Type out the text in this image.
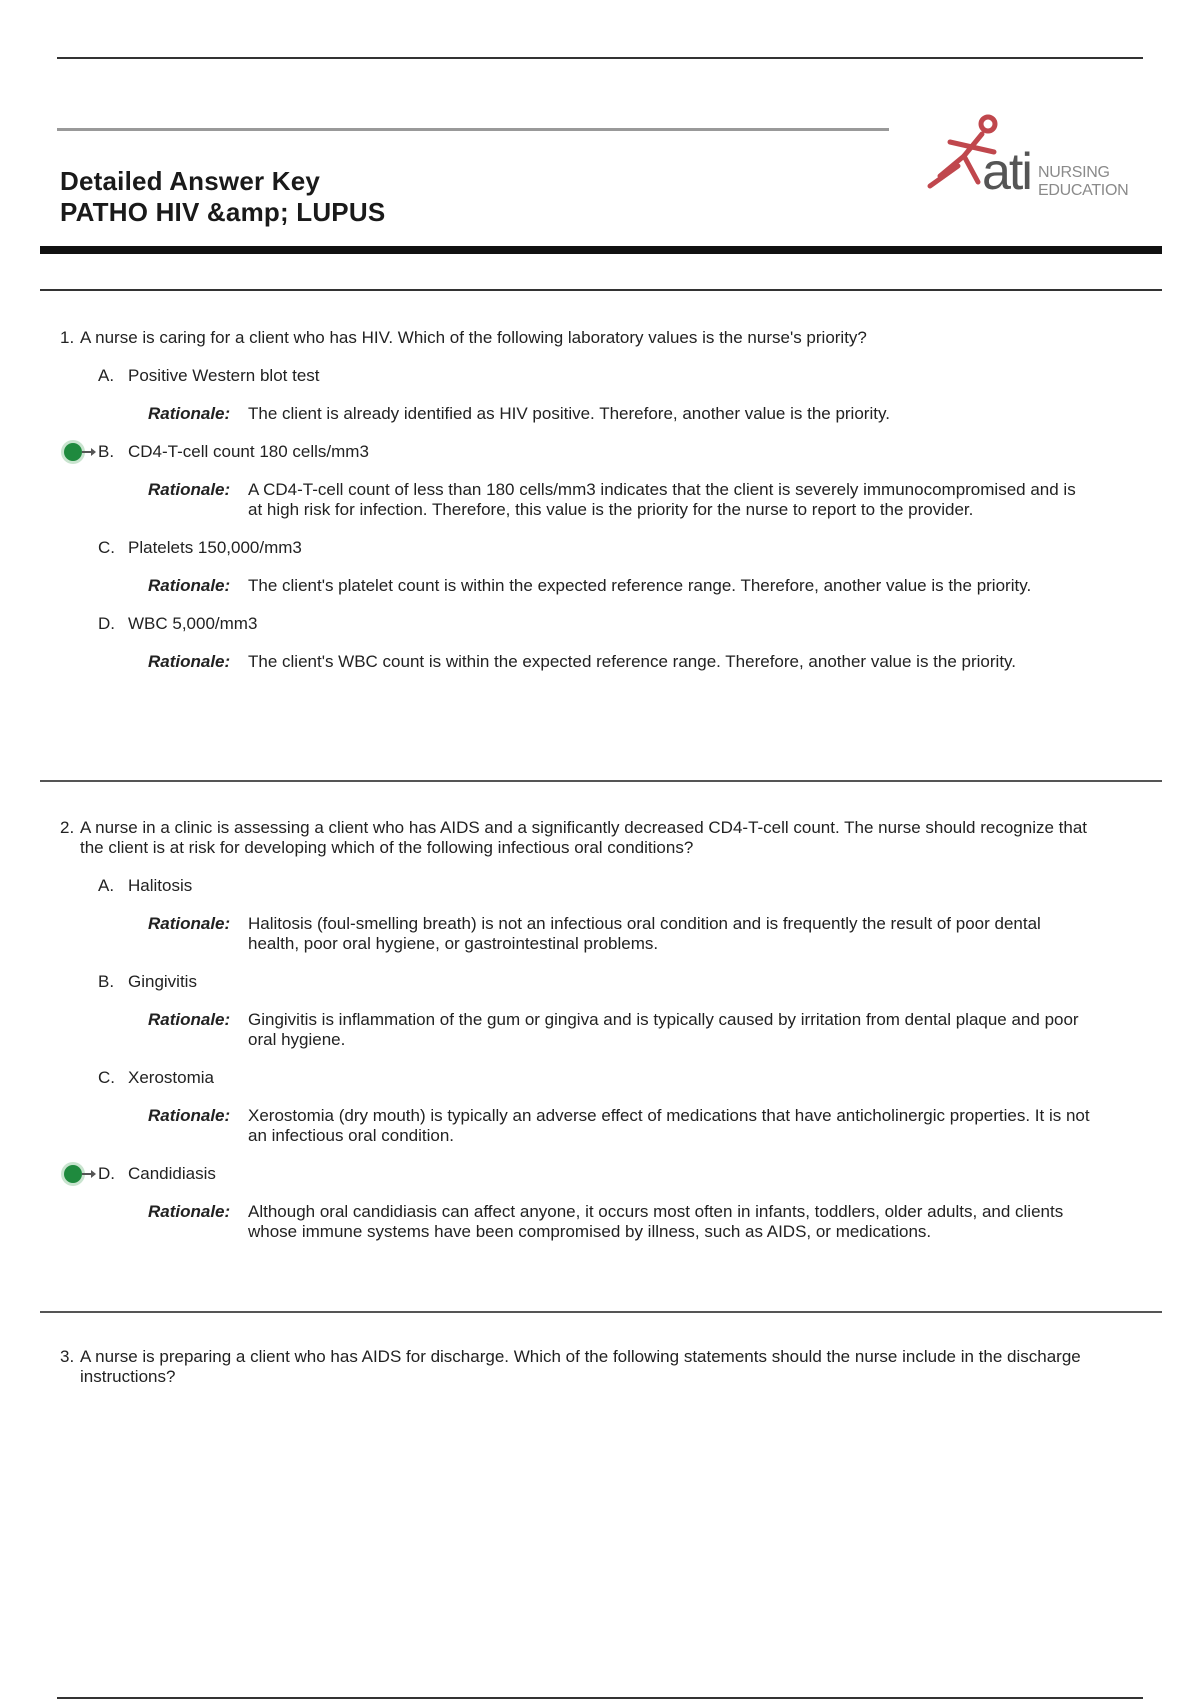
Detailed Answer Key
PATHO HIV &amp; LUPUS
ati NURSING
EDUCATION
1. A nurse is caring for a client who has HIV. Which of the following laboratory values is the nurse's priority?
A. Positive Western blot test
Rationale:	The client is already identified as HIV positive. Therefore, another value is the priority.
B. CD4-T-cell count 180 cells/mm3
Rationale:	A CD4-T-cell count of less than 180 cells/mm3 indicates that the client is severely immunocompromised and is at high risk for infection. Therefore, this value is the priority for the nurse to report to the provider.
C. Platelets 150,000/mm3
Rationale:	The client's platelet count is within the expected reference range. Therefore, another value is the priority.
D. WBC 5,000/mm3
Rationale:	The client's WBC count is within the expected reference range. Therefore, another value is the priority.
2. A nurse in a clinic is assessing a client who has AIDS and a significantly decreased CD4-T-cell count. The nurse should recognize that the client is at risk for developing which of the following infectious oral conditions?
A. Halitosis
Rationale:	Halitosis (foul-smelling breath) is not an infectious oral condition and is frequently the result of poor dental health, poor oral hygiene, or gastrointestinal problems.
B. Gingivitis
Rationale:	Gingivitis is inflammation of the gum or gingiva and is typically caused by irritation from dental plaque and poor oral hygiene.
C. Xerostomia
Rationale:	Xerostomia (dry mouth) is typically an adverse effect of medications that have anticholinergic properties. It is not an infectious oral condition.
D. Candidiasis
Rationale:	Although oral candidiasis can affect anyone, it occurs most often in infants, toddlers, older adults, and clients whose immune systems have been compromised by illness, such as AIDS, or medications.
3. A nurse is preparing a client who has AIDS for discharge. Which of the following statements should the nurse include in the discharge instructions?
